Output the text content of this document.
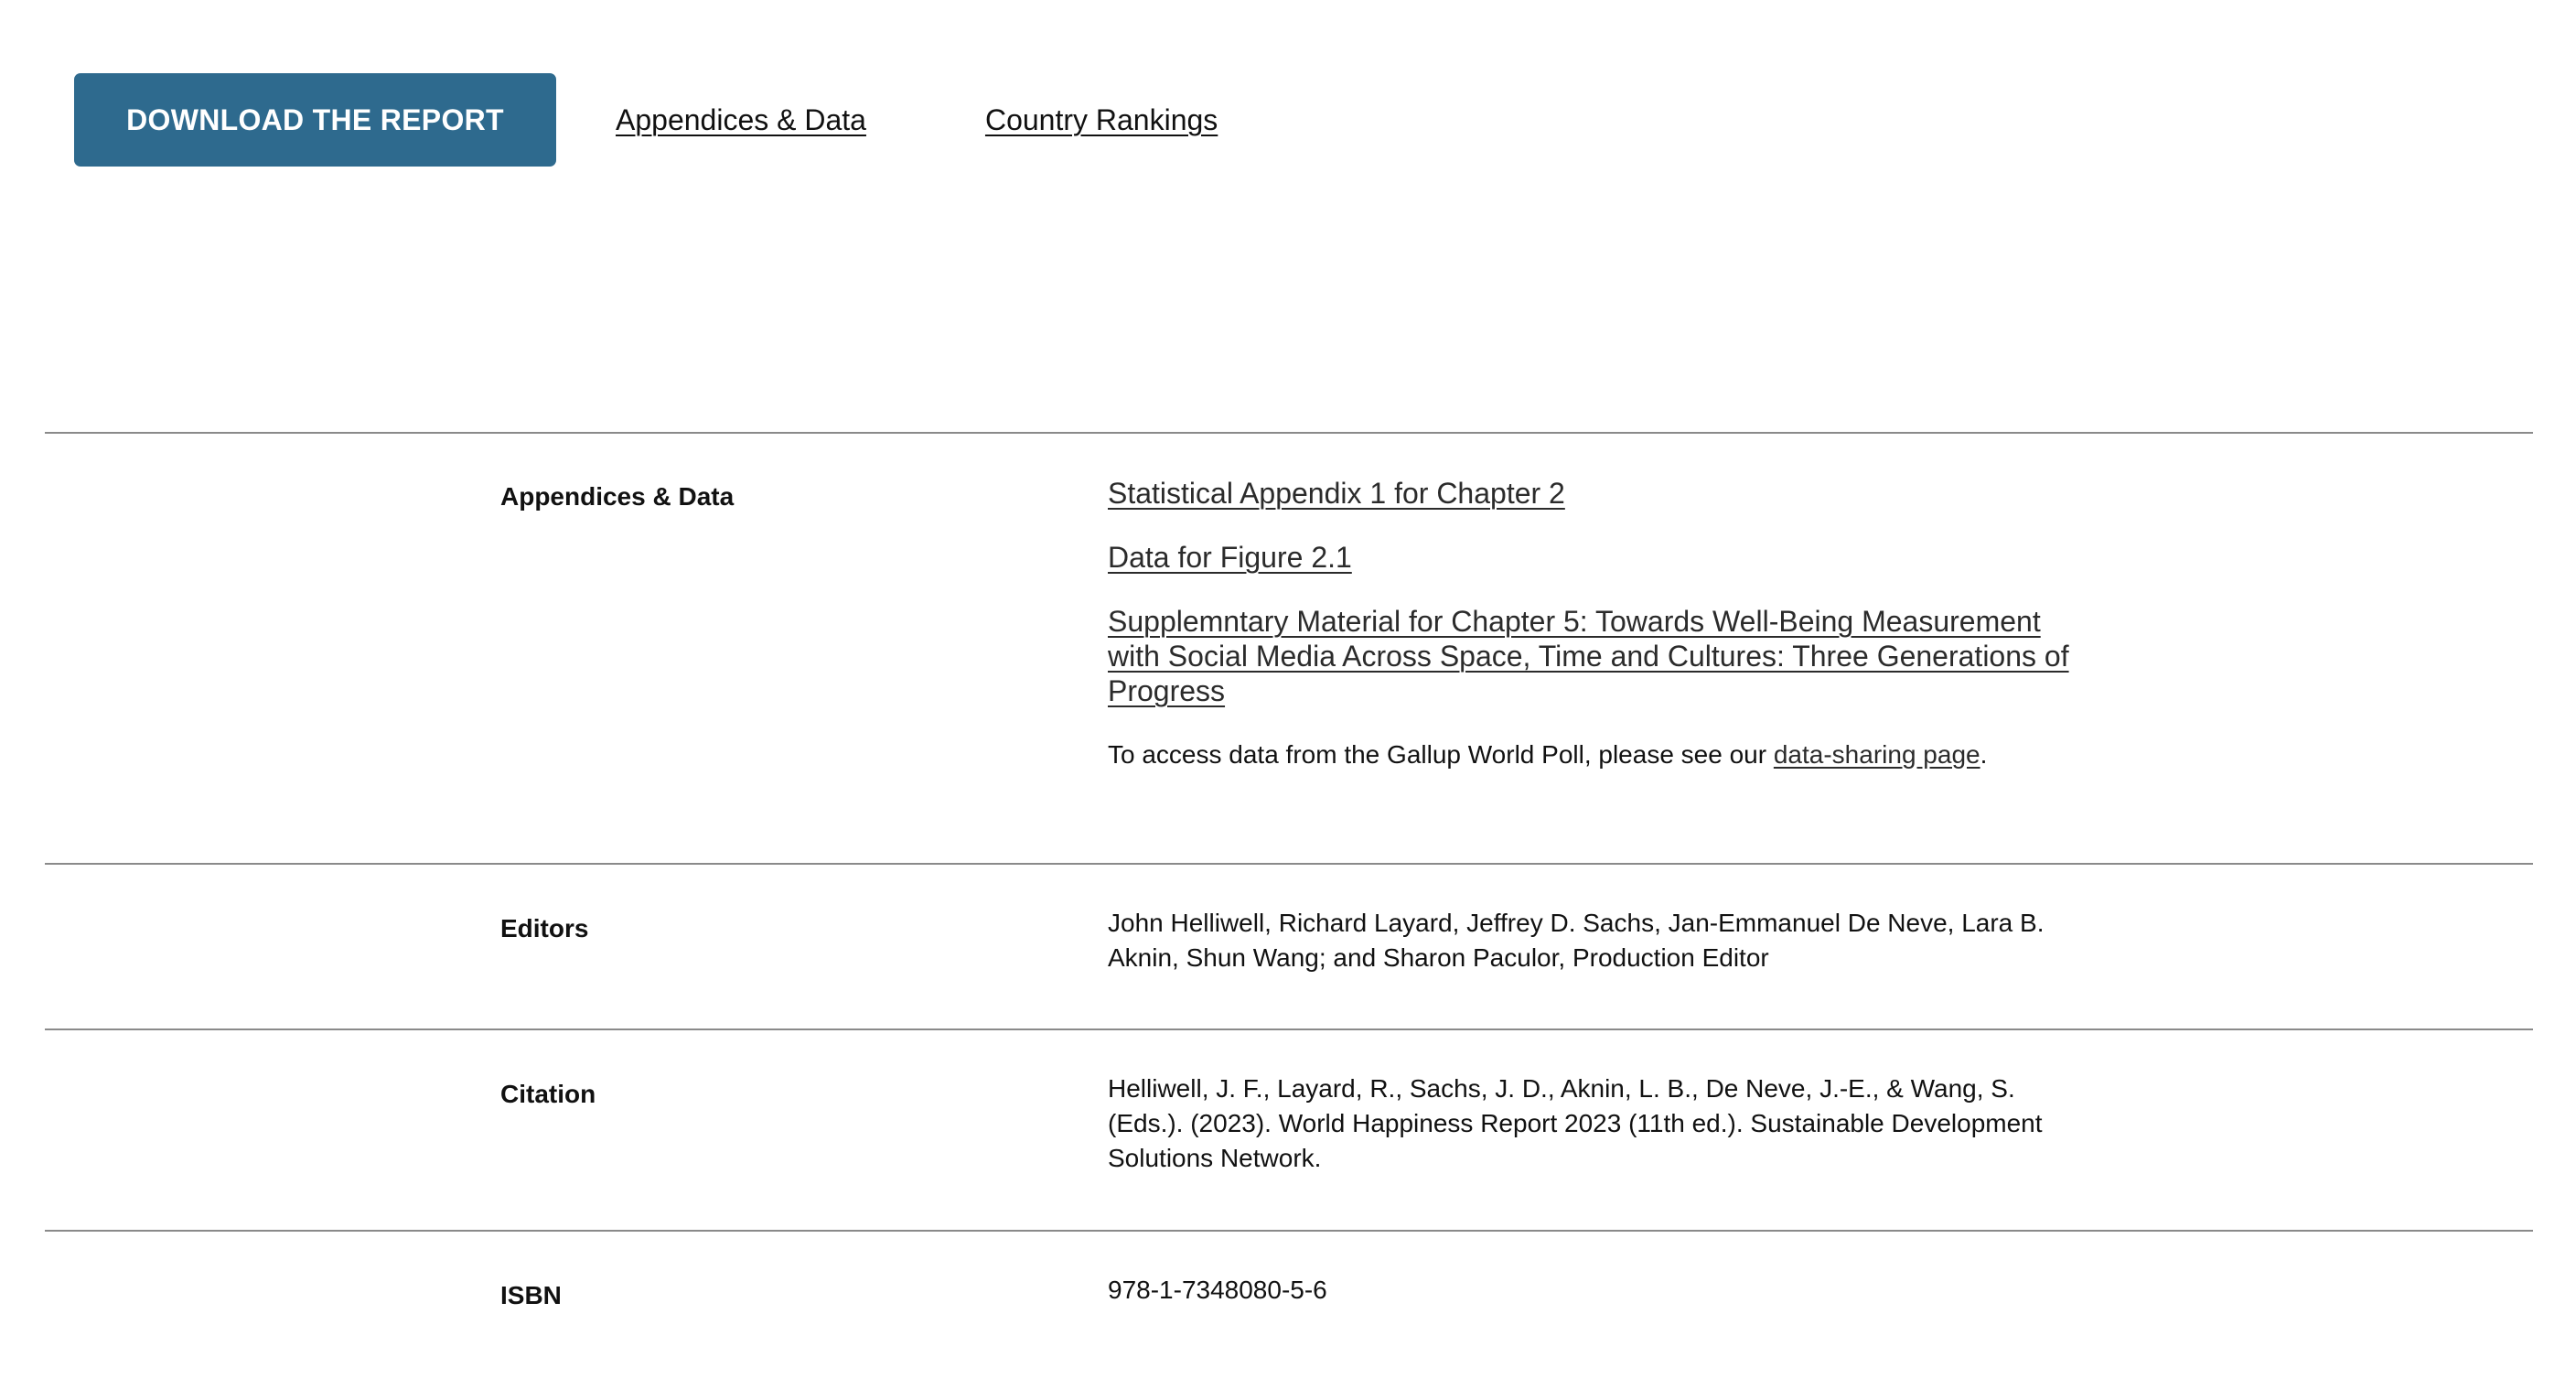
DOWNLOAD THE REPORT	Appendices & Data	Country Rankings
Appendices & Data	Statistical Appendix 1 for Chapter 2
Data for Figure 2.1
Supplemntary Material for Chapter 5: Towards Well-Being Measurement with Social Media Across Space, Time and Cultures: Three Generations of Progress
To access data from the Gallup World Poll, please see our data-sharing page.
Editors	John Helliwell, Richard Layard, Jeffrey D. Sachs, Jan-Emmanuel De Neve, Lara B. Aknin, Shun Wang; and Sharon Paculor, Production Editor
Citation	Helliwell, J. F., Layard, R., Sachs, J. D., Aknin, L. B., De Neve, J.-E., & Wang, S. (Eds.). (2023). World Happiness Report 2023 (11th ed.). Sustainable Development Solutions Network.
ISBN	978-1-7348080-5-6
